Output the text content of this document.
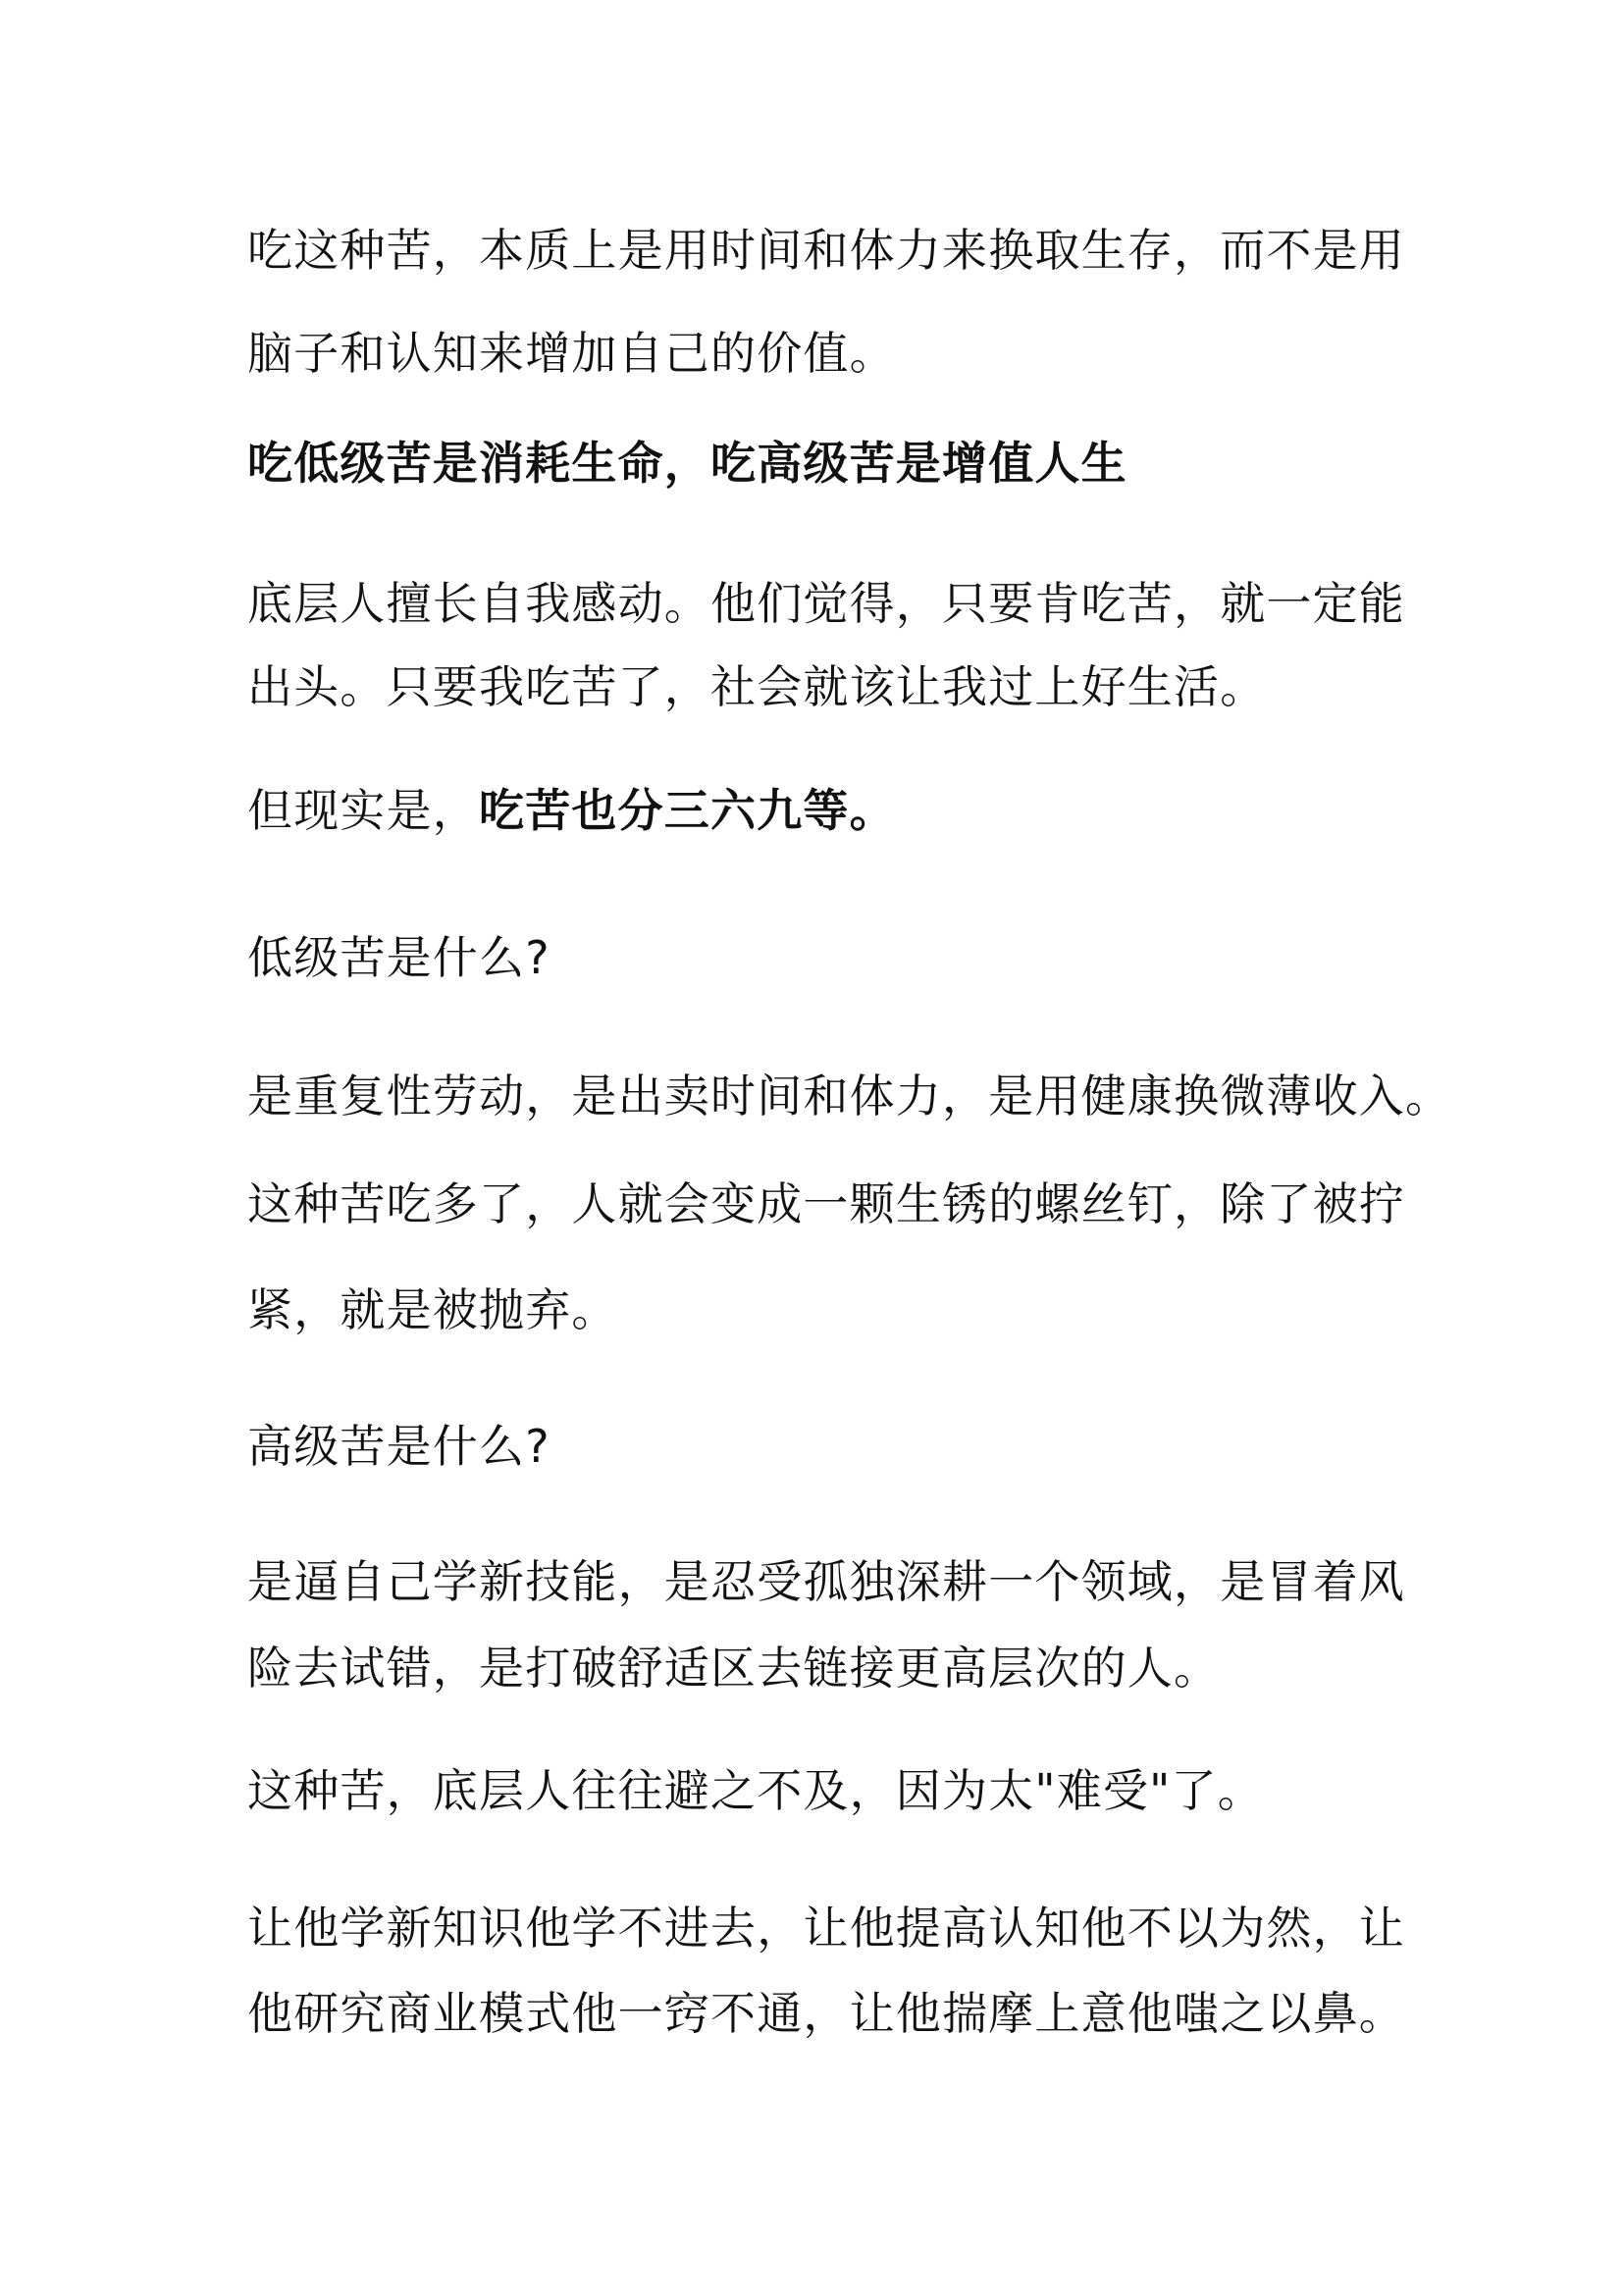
吃这种苦，本质上是用时间和体力来换取生存，而不是用
脑子和认知来增加自己的价值。
吃低级苦是消耗生命，吃高级苦是增值人生
底层人擅长自我感动。他们觉得，只要肯吃苦，就一定能
出头。只要我吃苦了，社会就该让我过上好生活。
但现实是，吃苦也分三六九等。
低级苦是什么?
是重复性劳动，是出卖时间和体力，是用健康换微薄收入。
这种苦吃多了，人就会变成一颗生锈的螺丝钉，除了被拧
紧，就是被抛弃。
高级苦是什么?
是逼自己学新技能，是忍受孤独深耕一个领域，是冒着风
险去试错，是打破舒适区去链接更高层次的人。
这种苦，底层人往往避之不及，因为太"难受"了。
让他学新知识他学不进去，让他提高认知他不以为然，让
他研究商业模式他一窍不通，让他揣摩上意他嗤之以鼻。
